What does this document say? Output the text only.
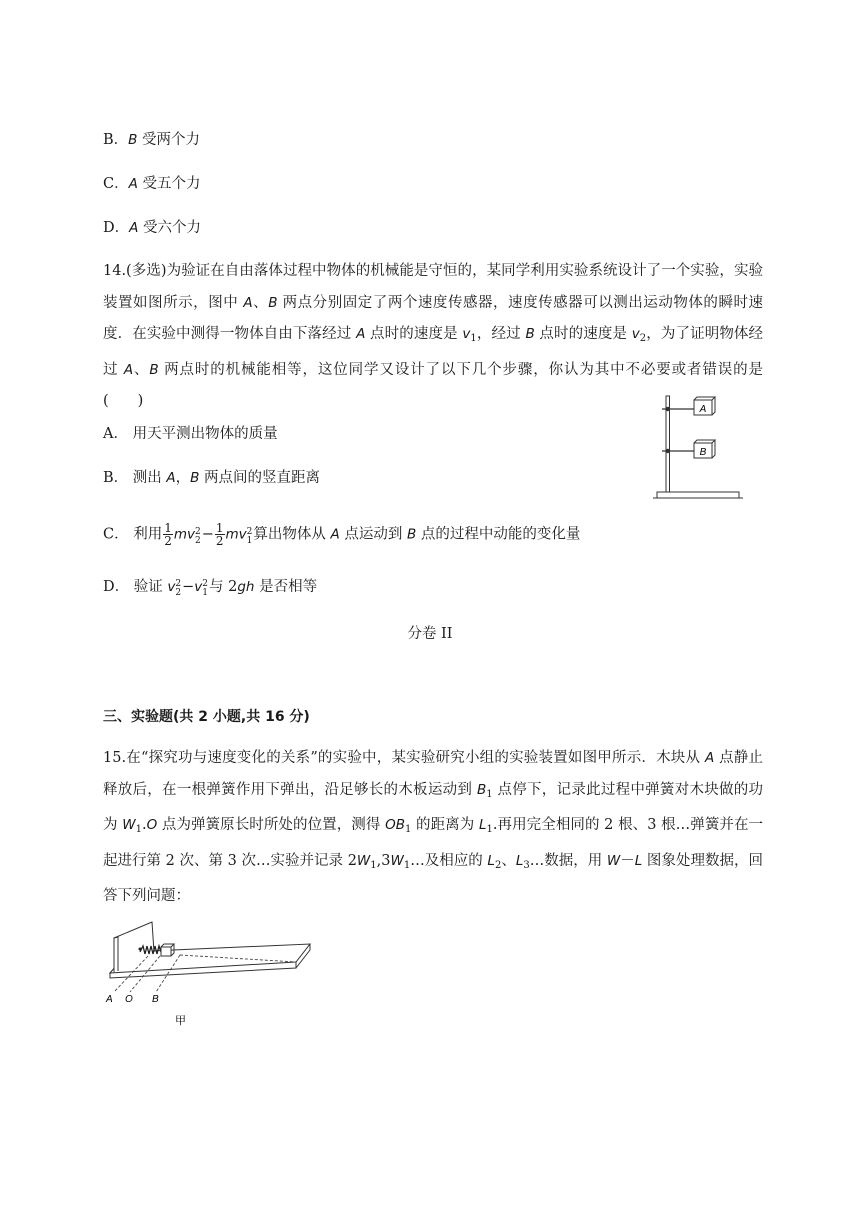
B．B 受两个力
C．A 受五个力
D．A 受六个力
14.(多选)为验证在自由落体过程中物体的机械能是守恒的，某同学利用实验系统设计了一个实验，实验装置如图所示，图中 A、B 两点分别固定了两个速度传感器，速度传感器可以测出运动物体的瞬时速度．在实验中测得一物体自由下落经过 A 点时的速度是 $v_1$，经过 B 点时的速度是 $v_2$，为了证明物体经过 A、B 两点时的机械能相等，这位同学又设计了以下几个步骤，你认为其中不必要或者错误的是(　　)
A
B
A． 用天平测出物体的质量
B． 测出 A，B 两点间的竖直距离
C． 利用 $\frac{1}{2}$ mv 2
$2 - \frac{1}{2}$ mv 2
1 算出物体从 A 点运动到 B 点的过程中动能的变化量
D． 验证 v 2
2 −v 2
1 与 2gh 是否相等
分卷 II
三、实验题(共 2 小题,共 16 分)
15.在“探究功与速度变化的关系”的实验中，某实验研究小组的实验装置如图甲所示．木块从 A 点静止释放后，在一根弹簧作用下弹出，沿足够长的木板运动到 $B_1$ 点停下，记录此过程中弹簧对木块做的功为 $W_1.O$ 点为弹簧原长时所处的位置，测得 $OB_1$ 的距离为 $L_1$.再用完全相同的 2 根、3 根…弹簧并在一起进行第 2 次、第 3 次…实验并记录 $2W_1,3W_1\dots$及相应的 $L_2$、$L_3\dots$数据，用 W－L 图象处理数据，回答下列问题：
A O B
甲
